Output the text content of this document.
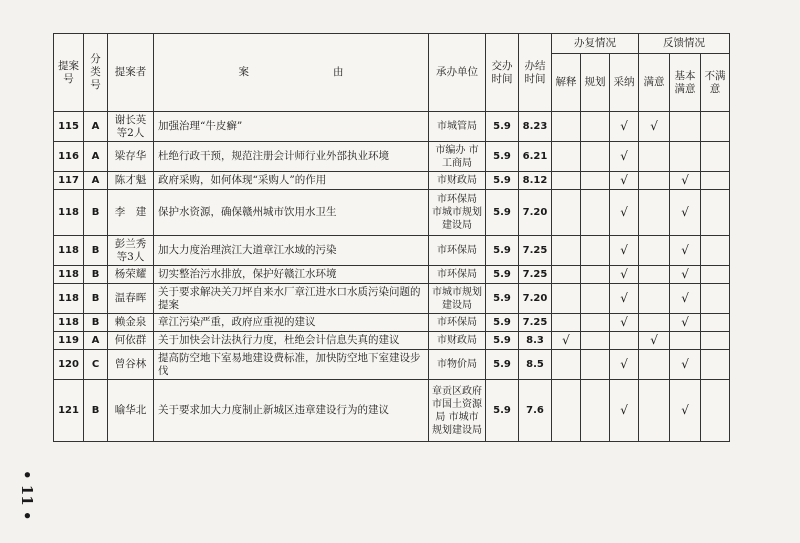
• 11 •
提案号	分类号	提案者	案　　　　　　　　由	承办单位	交办时间	办结时间	办复情况			反馈情况		
							解释	规划	采纳	满意	基本满意	不满意
115	A	谢长英等2人	加强治理“牛皮癣”	市城管局	5.9	8.23			√	√		
116	A	梁存华	杜绝行政干预，规范注册会计师行业外部执业环境	市编办 市工商局	5.9	6.21			√			
117	A	陈才魁	政府采购，如何体现“采购人”的作用	市财政局	5.9	8.12			√		√	
118	B	李　建	保护水资源，确保赣州城市饮用水卫生	市环保局 市城市规划建设局	5.9	7.20			√		√	
118	B	彭兰秀等3人	加大力度治理滨江大道章江水域的污染	市环保局	5.9	7.25			√		√	
118	B	杨荣耀	切实整治污水排放，保护好赣江水环境	市环保局	5.9	7.25			√		√	
118	B	温春晖	关于要求解决关刀坪自来水厂章江进水口水质污染问题的提案	市城市规划建设局	5.9	7.20			√		√	
118	B	赖金泉	章江污染严重，政府应重视的建议	市环保局	5.9	7.25			√		√	
119	A	何依群	关于加快会计法执行力度，杜绝会计信息失真的建议	市财政局	5.9	8.3	√			√		
120	C	曾谷林	提高防空地下室易地建设费标准，加快防空地下室建设步伐	市物价局	5.9	8.5			√		√	
121	B	喻华北	关于要求加大力度制止新城区违章建设行为的建议	章贡区政府 市国土资源局 市城市规划建设局	5.9	7.6			√		√	
